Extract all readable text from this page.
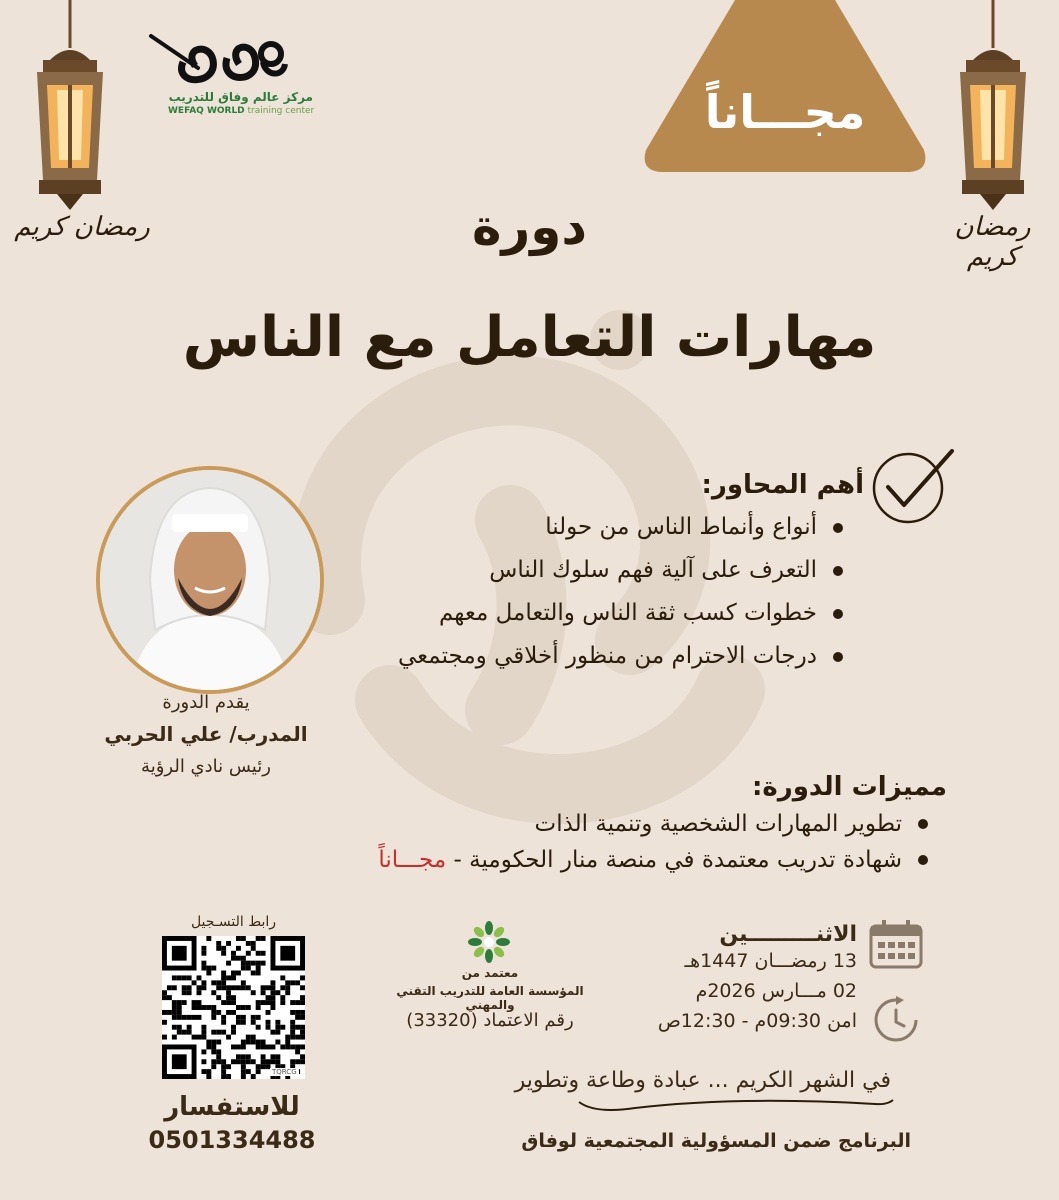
رمضان كريم	رمضان كريم
مركز عالم وفاق للتدريب
WEFAQ WORLD training center	مجـــاناً
دورة
مهارات التعامل مع الناس
أهم المحاور:
أنواع وأنماط الناس من حولنا
التعرف على آلية فهم سلوك الناس
خطوات كسب ثقة الناس والتعامل معهم
درجات الاحترام من منظور أخلاقي ومجتمعي
يقدم الدورة
المدرب/ علي الحربي
رئيس نادي الرؤية
مميزات الدورة:
تطوير المهارات الشخصية وتنمية الذات
شهادة تدريب معتمدة في منصة منار الحكومية - مجـــاناً
الاثنـــــــــين
13 رمضـــان 1447هـ
02 مـــارس 2026م
امن 09:30م - 12:30ص
معتمد من
المؤسسة العامة للتدريب التقني والمهني
رقم الاعتماد (33320)
رابط التسـجيل
TQRCG
للاستفسار
0501334488
في الشهر الكريم ... عبادة وطاعة وتطوير
البرنامج ضمن المسؤولية المجتمعية لوفاق
